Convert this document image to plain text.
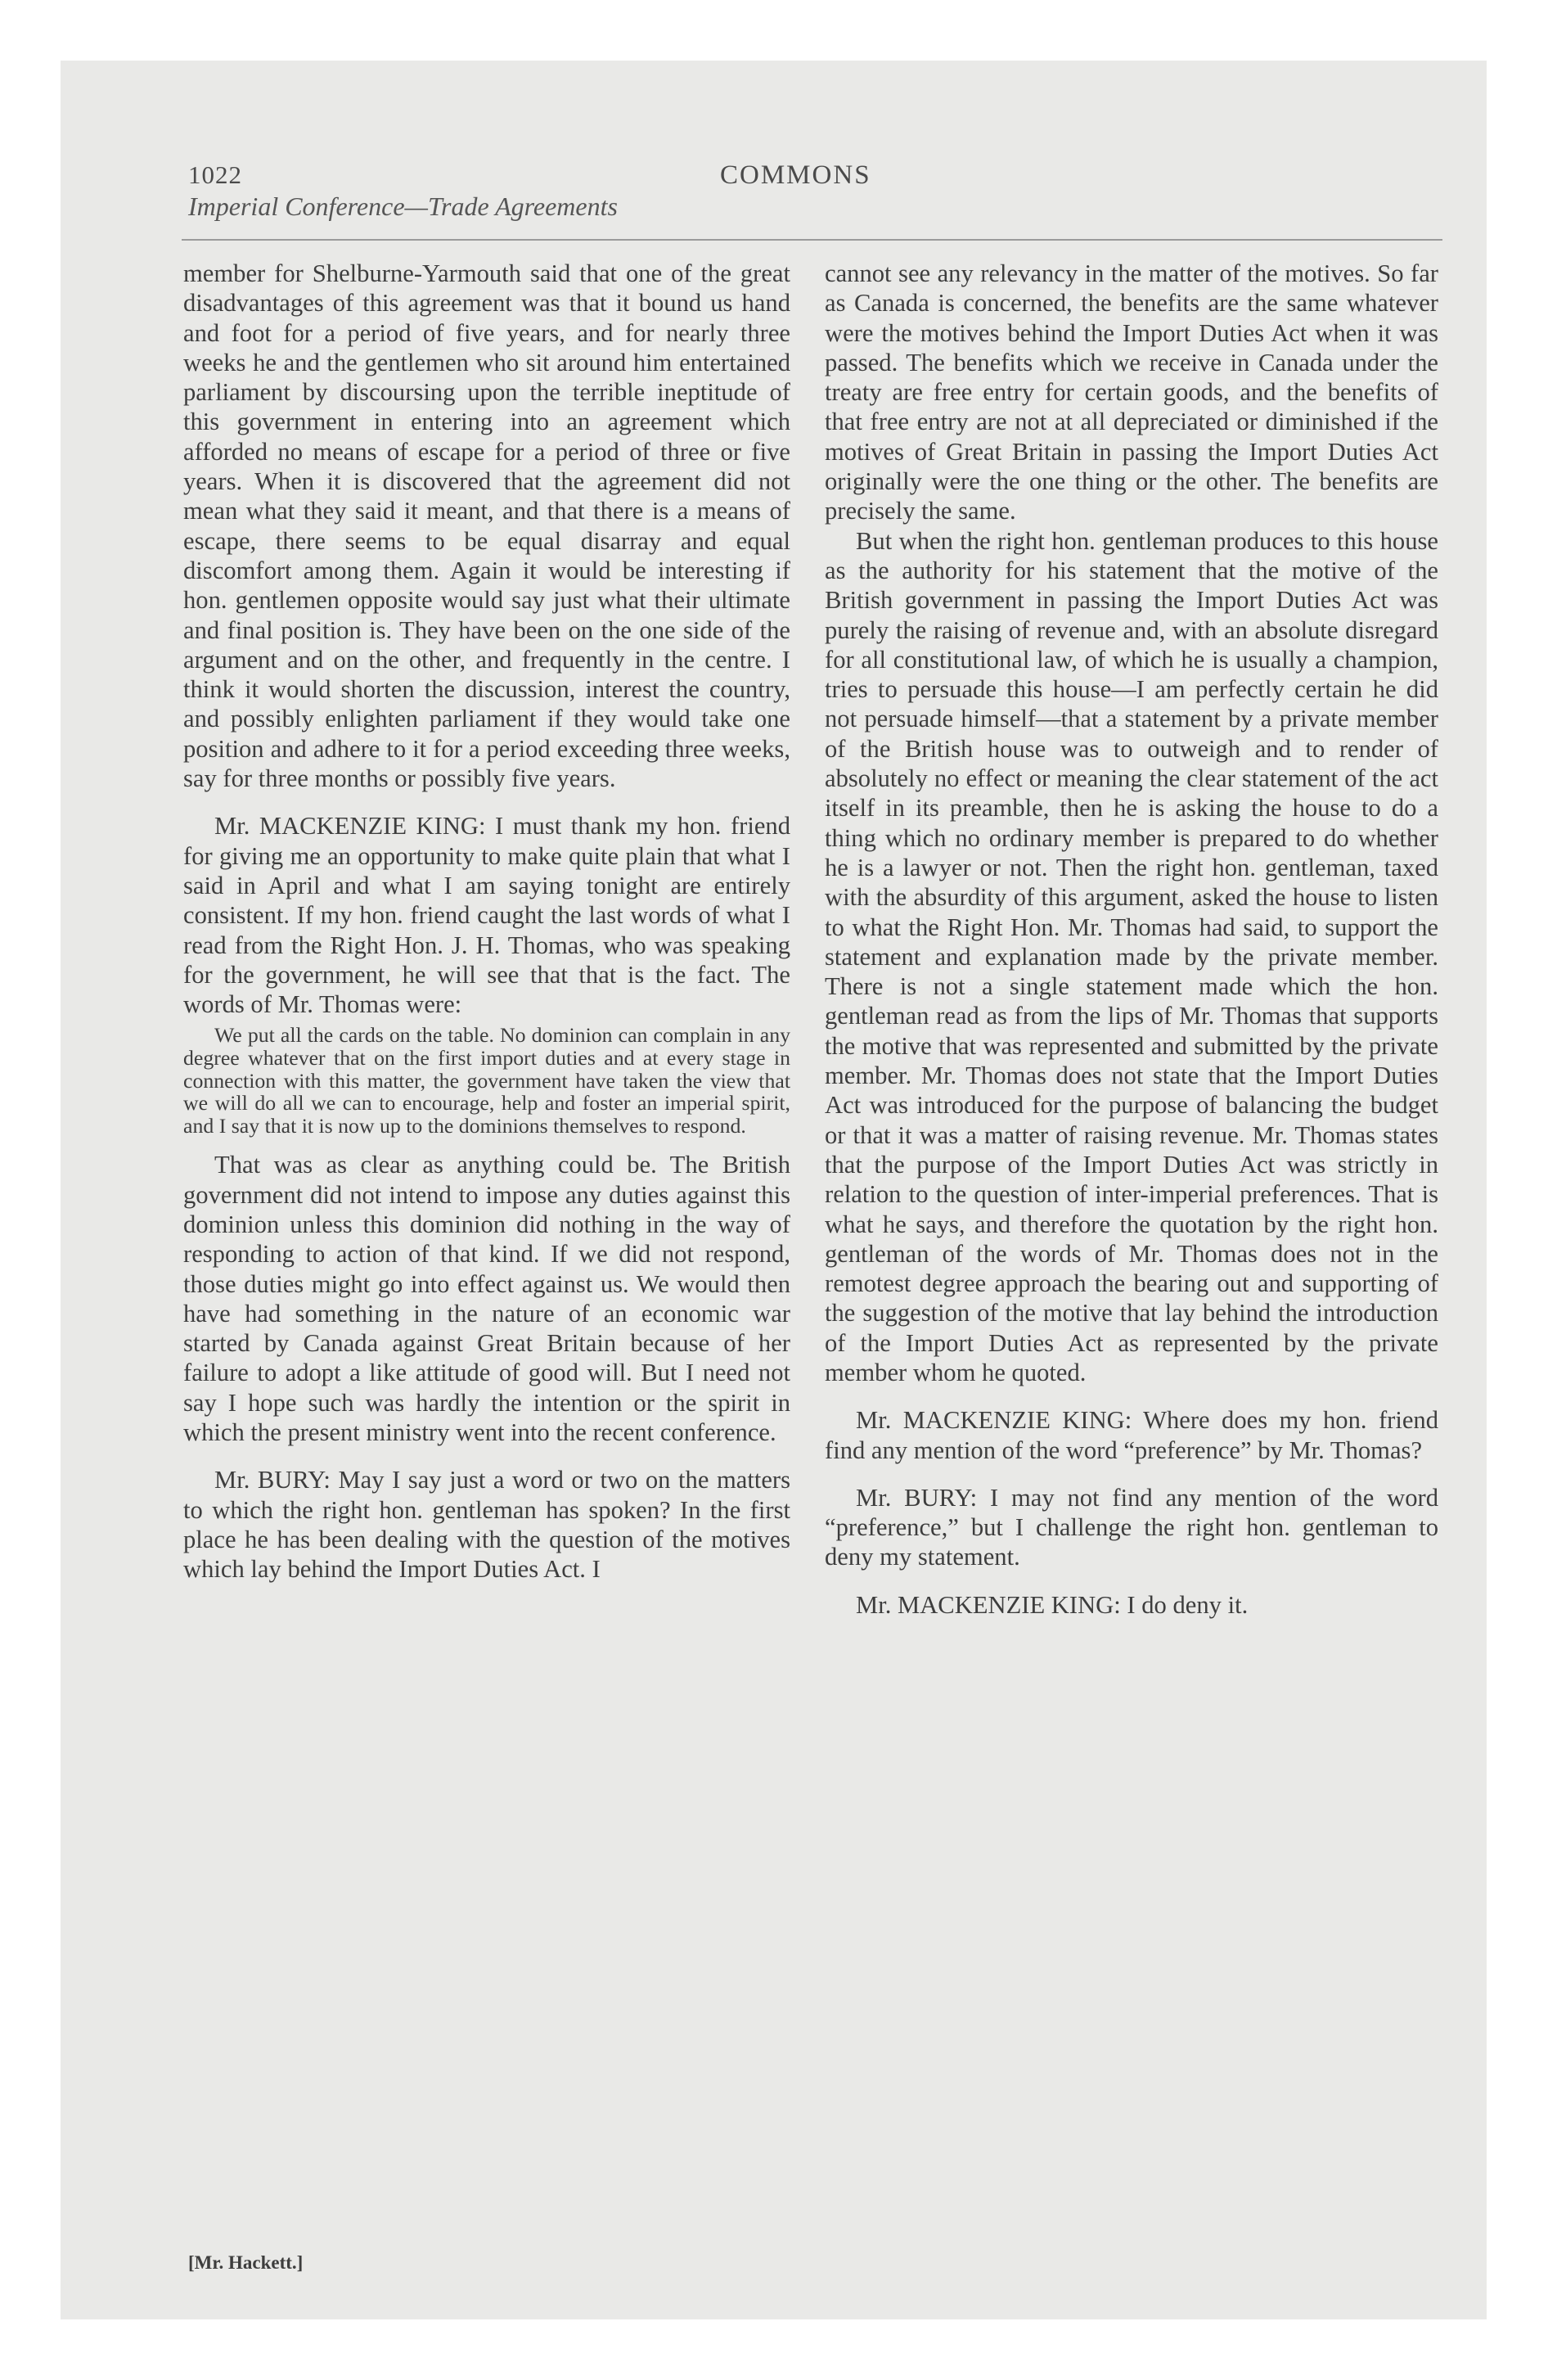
1022	COMMONS
Imperial Conference—Trade Agreements

member for Shelburne-Yarmouth said that one of the great disadvantages of this agreement was that it bound us hand and foot for a period of five years, and for nearly three weeks he and the gentlemen who sit around him entertained parliament by discoursing upon the terrible ineptitude of this government in entering into an agreement which afforded no means of escape for a period of three or five years. When it is discovered that the agreement did not mean what they said it meant, and that there is a means of escape, there seems to be equal disarray and equal discomfort among them. Again it would be interesting if hon. gentlemen opposite would say just what their ultimate and final position is. They have been on the one side of the argument and on the other, and frequently in the centre. I think it would shorten the discussion, interest the country, and possibly enlighten parliament if they would take one position and adhere to it for a period exceeding three weeks, say for three months or possibly five years.

Mr. MACKENZIE KING: I must thank my hon. friend for giving me an opportunity to make quite plain that what I said in April and what I am saying tonight are entirely consistent. If my hon. friend caught the last words of what I read from the Right Hon. J. H. Thomas, who was speaking for the government, he will see that that is the fact. The words of Mr. Thomas were:

We put all the cards on the table. No dominion can complain in any degree whatever that on the first import duties and at every stage in connection with this matter, the government have taken the view that we will do all we can to encourage, help and foster an imperial spirit, and I say that it is now up to the dominions themselves to respond.

That was as clear as anything could be. The British government did not intend to impose any duties against this dominion unless this dominion did nothing in the way of responding to action of that kind. If we did not respond, those duties might go into effect against us. We would then have had something in the nature of an economic war started by Canada against Great Britain because of her failure to adopt a like attitude of good will. But I need not say I hope such was hardly the intention or the spirit in which the present ministry went into the recent conference.

Mr. BURY: May I say just a word or two on the matters to which the right hon. gentleman has spoken? In the first place he has been dealing with the question of the motives which lay behind the Import Duties Act. I

cannot see any relevancy in the matter of the motives. So far as Canada is concerned, the benefits are the same whatever were the motives behind the Import Duties Act when it was passed. The benefits which we receive in Canada under the treaty are free entry for certain goods, and the benefits of that free entry are not at all depreciated or diminished if the motives of Great Britain in passing the Import Duties Act originally were the one thing or the other. The benefits are precisely the same.

But when the right hon. gentleman produces to this house as the authority for his statement that the motive of the British government in passing the Import Duties Act was purely the raising of revenue and, with an absolute disregard for all constitutional law, of which he is usually a champion, tries to persuade this house—I am perfectly certain he did not persuade himself—that a statement by a private member of the British house was to outweigh and to render of absolutely no effect or meaning the clear statement of the act itself in its preamble, then he is asking the house to do a thing which no ordinary member is prepared to do whether he is a lawyer or not. Then the right hon. gentleman, taxed with the absurdity of this argument, asked the house to listen to what the Right Hon. Mr. Thomas had said, to support the statement and explanation made by the private member. There is not a single statement made which the hon. gentleman read as from the lips of Mr. Thomas that supports the motive that was represented and submitted by the private member. Mr. Thomas does not state that the Import Duties Act was introduced for the purpose of balancing the budget or that it was a matter of raising revenue. Mr. Thomas states that the purpose of the Import Duties Act was strictly in relation to the question of inter-imperial preferences. That is what he says, and therefore the quotation by the right hon. gentleman of the words of Mr. Thomas does not in the remotest degree approach the bearing out and supporting of the suggestion of the motive that lay behind the introduction of the Import Duties Act as represented by the private member whom he quoted.

Mr. MACKENZIE KING: Where does my hon. friend find any mention of the word “preference” by Mr. Thomas?

Mr. BURY: I may not find any mention of the word “preference,” but I challenge the right hon. gentleman to deny my statement.

Mr. MACKENZIE KING: I do deny it.

[Mr. Hackett.]
